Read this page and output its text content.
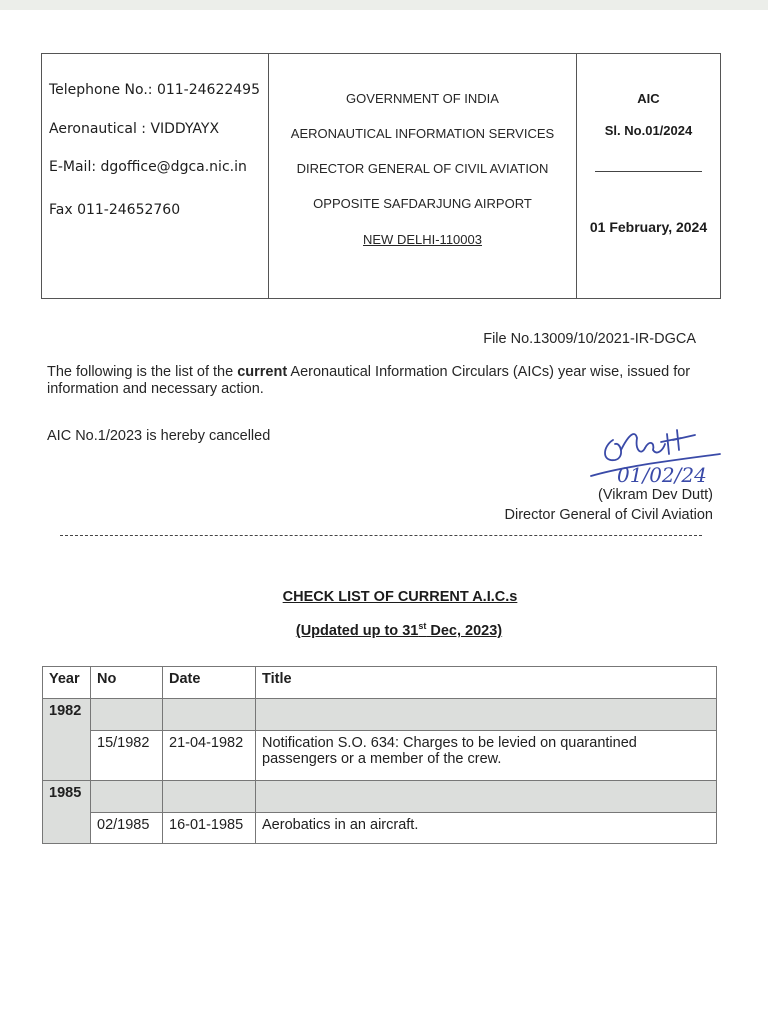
Telephone No.: 011-24622495
Aeronautical : VIDDYAYX
E-Mail: dgoffice@dgca.nic.in
Fax 011-24652760
GOVERNMENT OF INDIA
AERONAUTICAL INFORMATION SERVICES
DIRECTOR GENERAL OF CIVIL AVIATION
OPPOSITE SAFDARJUNG AIRPORT
NEW DELHI-110003
AIC
Sl. No.01/2024
01 February, 2024
File No.13009/10/2021-IR-DGCA
The following is the list of the current Aeronautical Information Circulars (AICs) year wise, issued for information and necessary action.
AIC No.1/2023 is hereby cancelled
01/02/24
(Vikram Dev Dutt)
Director General of Civil Aviation
CHECK LIST OF CURRENT A.I.C.s
(Updated up to 31st Dec, 2023)
Year	No	Date	Title
1982			
	15/1982	21-04-1982	Notification S.O. 634: Charges to be levied on quarantined passengers or a member of the crew.
1985			
	02/1985	16-01-1985	Aerobatics in an aircraft.
